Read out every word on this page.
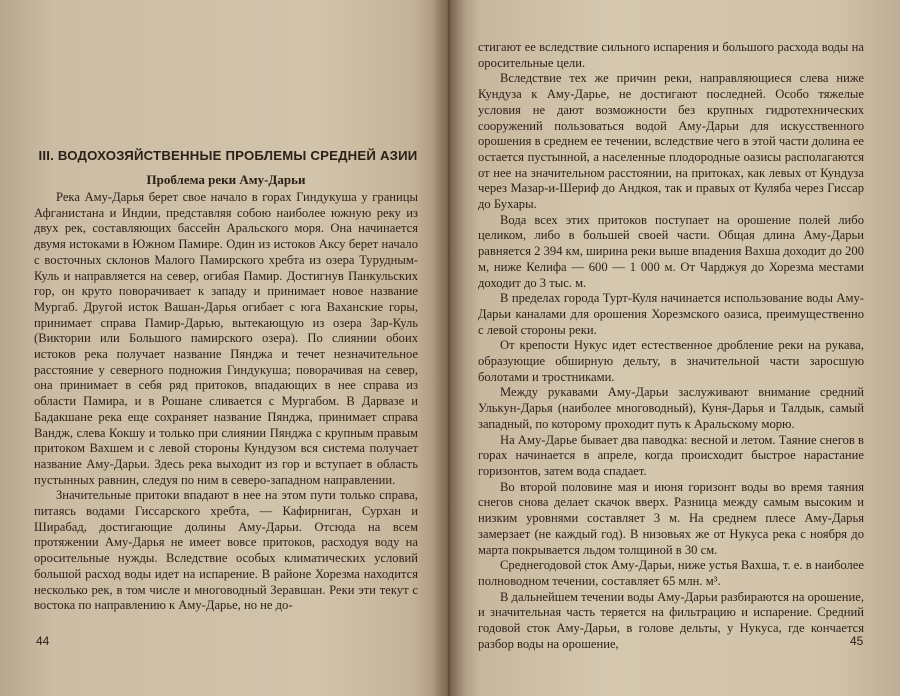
III. ВОДОХОЗЯЙСТВЕННЫЕ ПРОБЛЕМЫ СРЕДНЕЙ АЗИИ
Проблема реки Аму-Дарьи

Река Аму-Дарья берет свое начало в горах Гиндукуша у границы Афганистана и Индии, представляя собою наиболее южную реку из двух рек, составляющих бассейн Аральского моря. Она начинается двумя истоками в Южном Памире. Один из истоков Аксу берет начало с восточных склонов Малого Памирского хребта из озера Турудным-Куль и направляется на север, огибая Памир. Достигнув Панкульских гор, он круто поворачивает к западу и принимает новое название Мургаб. Другой исток Вашан-Дарья огибает с юга Ваханские горы, принимает справа Памир-Дарью, вытекающую из озера Зар-Куль (Виктории или Большого памирского озера). По слиянии обоих истоков река получает название Пянджа и течет незначительное расстояние у северного подножия Гиндукуша; поворачивая на север, она принимает в себя ряд притоков, впадающих в нее справа из области Памира, и в Рошане сливается с Мургабом. В Дарвазе и Бадакшане река еще сохраняет название Пянджа, принимает справа Вандж, слева Кокшу и только при слиянии Пянджа с крупным правым притоком Вахшем и с левой стороны Кундузом вся система получает название Аму-Дарьи. Здесь река выходит из гор и вступает в область пустынных равнин, следуя по ним в северо-западном направлении.

Значительные притоки впадают в нее на этом пути только справа, питаясь водами Гиссарского хребта, — Кафирниган, Сурхан и Ширабад, достигающие долины Аму-Дарьи. Отсюда на всем протяжении Аму-Дарья не имеет вовсе притоков, расходуя воду на оросительные нужды. Вследствие особых климатических условий большой расход воды идет на испарение. В районе Хорезма находится несколько рек, в том числе и многоводный Зеравшан. Реки эти текут с востока по направлению к Аму-Дарье, но не до-

44

стигают ее вследствие сильного испарения и большого расхода воды на оросительные цели.

Вследствие тех же причин реки, направляющиеся слева ниже Кундуза к Аму-Дарье, не достигают последней. Особо тяжелые условия не дают возможности без крупных гидротехнических сооружений пользоваться водой Аму-Дарьи для искусственного орошения в среднем ее течении, вследствие чего в этой части долина ее остается пустынной, а населенные плодородные оазисы располагаются от нее на значительном расстоянии, на притоках, как левых от Кундуза через Мазар-и-Шериф до Андкоя, так и правых от Куляба через Гиссар до Бухары.

Вода всех этих притоков поступает на орошение полей либо целиком, либо в большей своей части. Общая длина Аму-Дарьи равняется 2 394 км, ширина реки выше впадения Вахша доходит до 200 м, ниже Келифа — 600 — 1 000 м. От Чарджуя до Хорезма местами доходит до 3 тыс. м.

В пределах города Турт-Куля начинается использование воды Аму-Дарьи каналами для орошения Хорезмского оазиса, преимущественно с левой стороны реки.

От крепости Нукус идет естественное дробление реки на рукава, образующие обширную дельту, в значительной части заросшую болотами и тростниками.

Между рукавами Аму-Дарьи заслуживают внимание средний Улькун-Дарья (наиболее многоводный), Куня-Дарья и Талдык, самый западный, по которому проходит путь к Аральскому морю.

На Аму-Дарье бывает два паводка: весной и летом. Таяние снегов в горах начинается в апреле, когда происходит быстрое нарастание горизонтов, затем вода спадает.

Во второй половине мая и июня горизонт воды во время таяния снегов снова делает скачок вверх. Разница между самым высоким и низким уровнями составляет 3 м. На среднем плесе Аму-Дарья замерзает (не каждый год). В низовьях же от Нукуса река с ноября до марта покрывается льдом толщиной в 30 см.

Среднегодовой сток Аму-Дарьи, ниже устья Вахша, т. е. в наиболее полноводном течении, составляет 65 млн. м³.

В дальнейшем течении воды Аму-Дарьи разбираются на орошение, и значительная часть теряется на фильтрацию и испарение. Средний годовой сток Аму-Дарьи, в голове дельты, у Нукуса, где кончается разбор воды на орошение,	45
